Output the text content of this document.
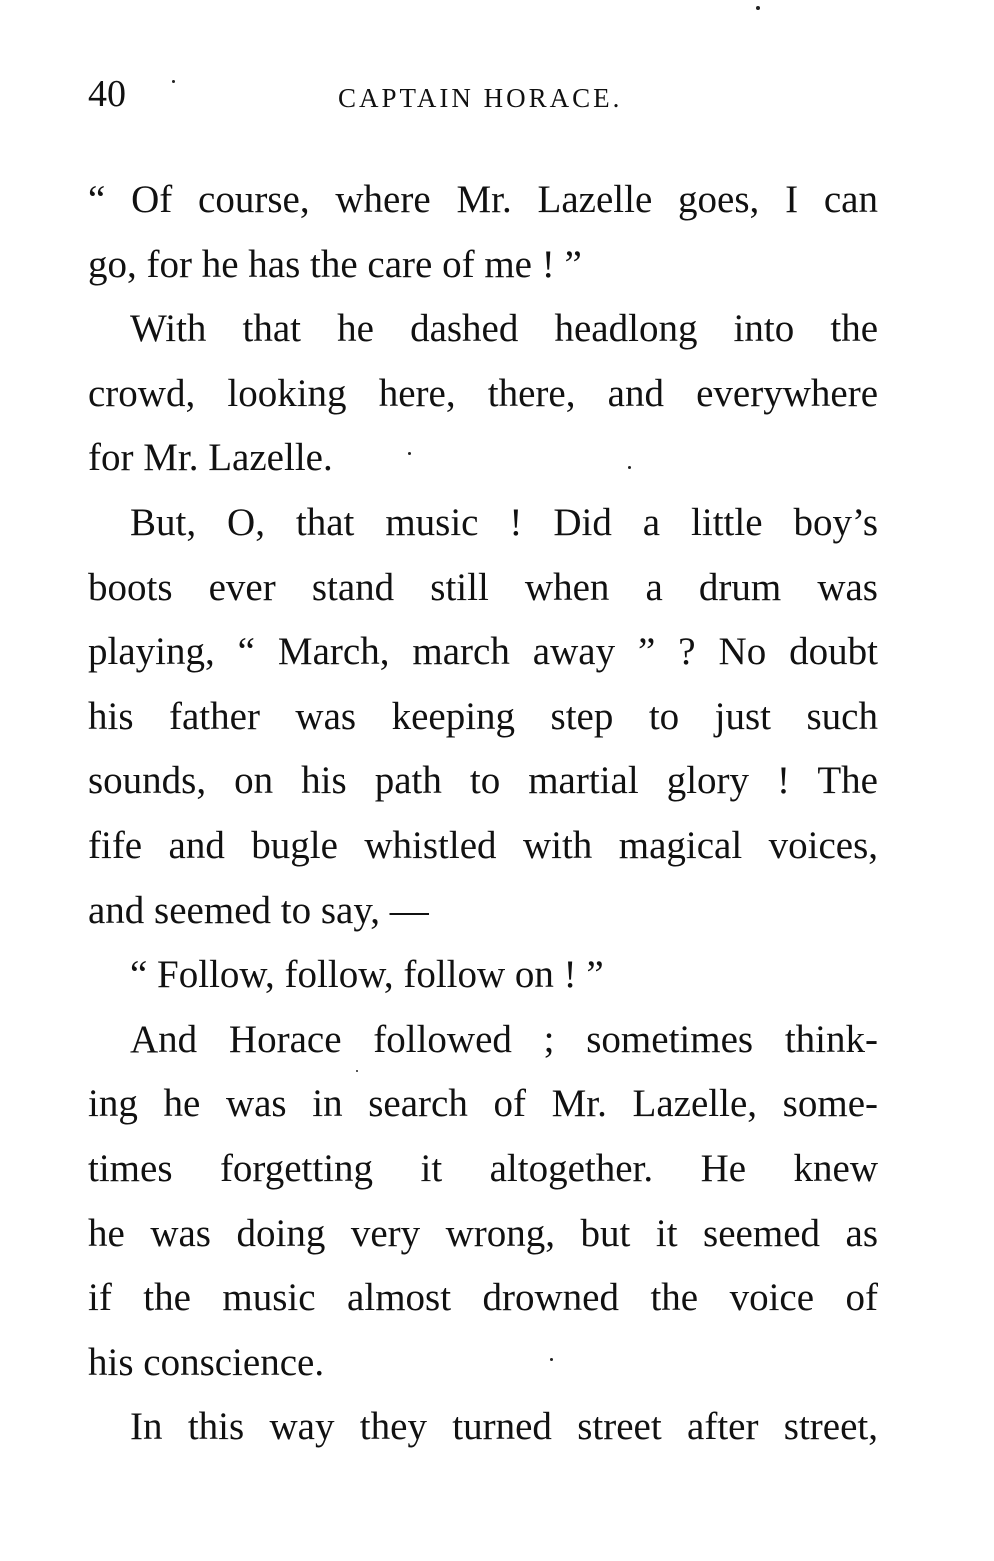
40	CAPTAIN HORACE.
“ Of course, where Mr. Lazelle goes, I can
go, for he has the care of me ! ”
With that he dashed headlong into the
crowd, looking here, there, and everywhere
for Mr. Lazelle.
But, O, that music ! Did a little boy’s
boots ever stand still when a drum was
playing, “ March, march away ” ? No doubt
his father was keeping step to just such
sounds, on his path to martial glory ! The
fife and bugle whistled with magical voices,
and seemed to say, —
“ Follow, follow, follow on ! ”
And Horace followed ; sometimes think-
ing he was in search of Mr. Lazelle, some-
times forgetting it altogether. He knew
he was doing very wrong, but it seemed as
if the music almost drowned the voice of
his conscience.
In this way they turned street after street,
